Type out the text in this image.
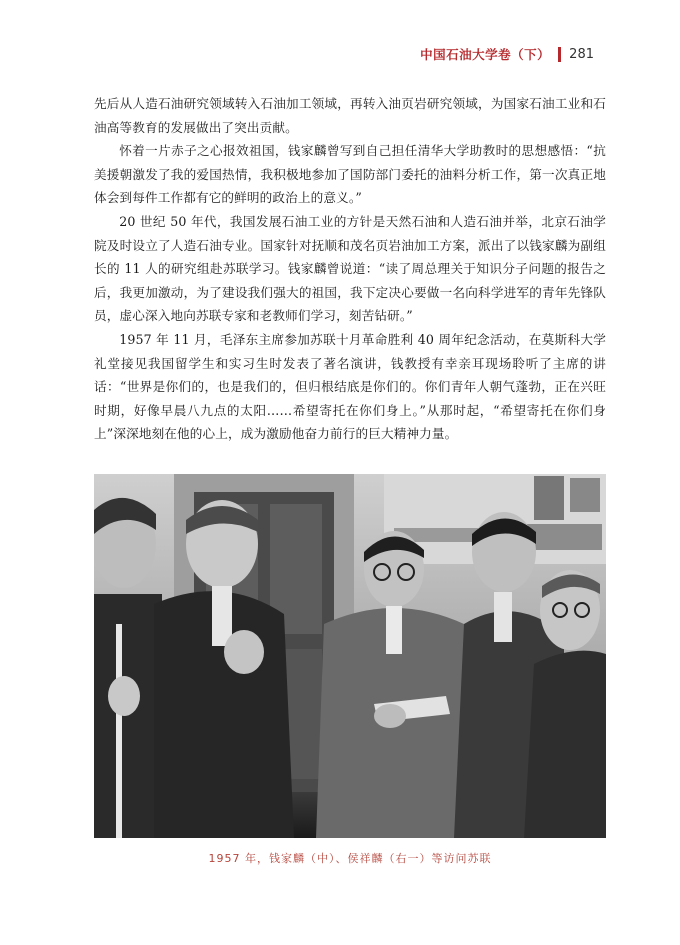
中国石油大学卷（下） 281

先后从人造石油研究领域转入石油加工领域，再转入油页岩研究领域，为国家石油工业和石油高等教育的发展做出了突出贡献。

怀着一片赤子之心报效祖国，钱家麟曾写到自己担任清华大学助教时的思想感悟：“抗美援朝激发了我的爱国热情，我积极地参加了国防部门委托的油料分析工作，第一次真正地体会到每件工作都有它的鲜明的政治上的意义。”

20 世纪 50 年代，我国发展石油工业的方针是天然石油和人造石油并举，北京石油学院及时设立了人造石油专业。国家针对抚顺和茂名页岩油加工方案，派出了以钱家麟为副组长的 11 人的研究组赴苏联学习。钱家麟曾说道：“读了周总理关于知识分子问题的报告之后，我更加激动，为了建设我们强大的祖国，我下定决心要做一名向科学进军的青年先锋队员，虚心深入地向苏联专家和老教师们学习，刻苦钻研。”

1957 年 11 月，毛泽东主席参加苏联十月革命胜利 40 周年纪念活动，在莫斯科大学礼堂接见我国留学生和实习生时发表了著名演讲，钱教授有幸亲耳现场聆听了主席的讲话：“世界是你们的，也是我们的，但归根结底是你们的。你们青年人朝气蓬勃，正在兴旺时期，好像早晨八九点的太阳……希望寄托在你们身上。”从那时起，“希望寄托在你们身上”深深地刻在他的心上，成为激励他奋力前行的巨大精神力量。

1957 年，钱家麟（中）、侯祥麟（右一）等访问苏联
